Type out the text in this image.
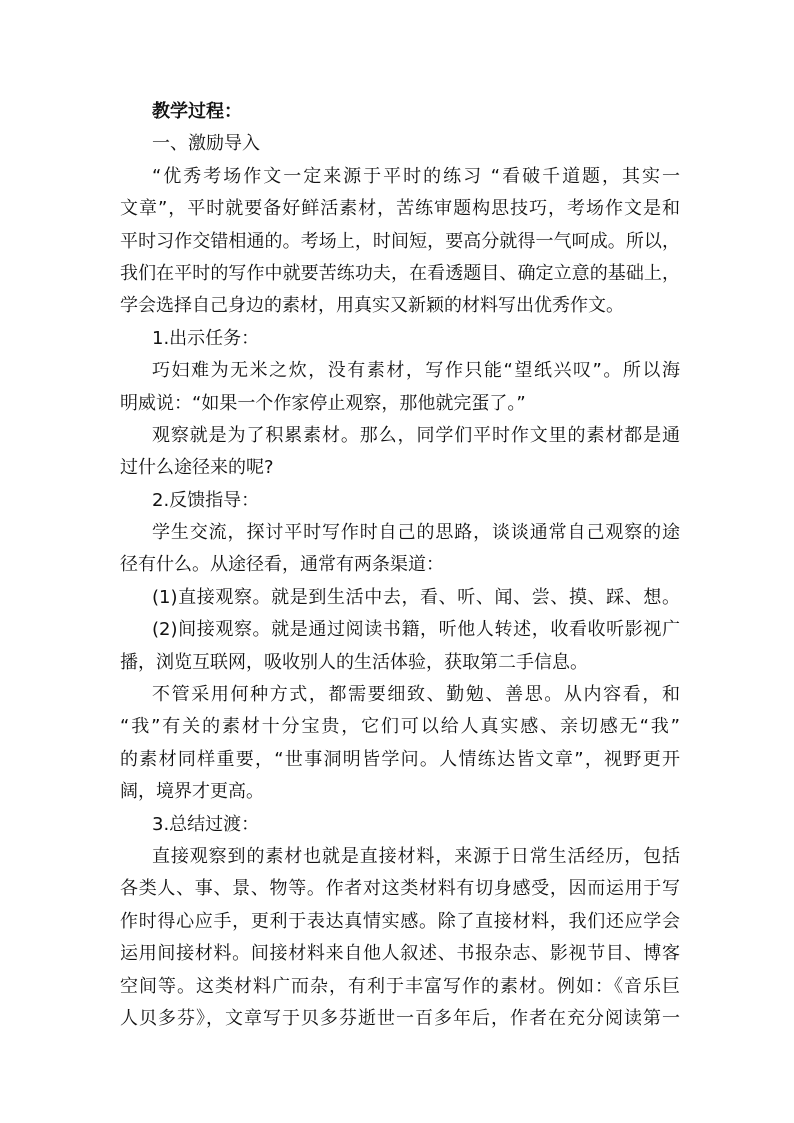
教学过程：

一、激励导入

“优秀考场作文一定来源于平时的练习 “看破千道题，其实一

文章”，平时就要备好鲜活素材，苦练审题构思技巧，考场作文是和

平时习作交错相通的。考场上，时间短，要高分就得一气呵成。所以，

我们在平时的写作中就要苦练功夫，在看透题目、确定立意的基础上，

学会选择自己身边的素材，用真实又新颖的材料写出优秀作文。

1.出示任务：

巧妇难为无米之炊，没有素材，写作只能“望纸兴叹”。所以海

明威说：“如果一个作家停止观察，那他就完蛋了。”

观察就是为了积累素材。那么，同学们平时作文里的素材都是通

过什么途径来的呢?

2.反馈指导：

学生交流，探讨平时写作时自己的思路，谈谈通常自己观察的途

径有什么。从途径看，通常有两条渠道：

(1)直接观察。就是到生活中去，看、听、闻、尝、摸、踩、想。

(2)间接观察。就是通过阅读书籍，听他人转述，收看收听影视广

播，浏览互联网，吸收别人的生活体验，获取第二手信息。

不管采用何种方式，都需要细致、勤勉、善思。从内容看，和

“我”有关的素材十分宝贵，它们可以给人真实感、亲切感无“我”

的素材同样重要，“世事洞明皆学问。人情练达皆文章”，视野更开

阔，境界才更高。

3.总结过渡：

直接观察到的素材也就是直接材料，来源于日常生活经历，包括

各类人、事、景、物等。作者对这类材料有切身感受，因而运用于写

作时得心应手，更利于表达真情实感。除了直接材料，我们还应学会

运用间接材料。间接材料来自他人叙述、书报杂志、影视节目、博客

空间等。这类材料广而杂，有利于丰富写作的素材。例如：《音乐巨

人贝多芬》，文章写于贝多芬逝世一百多年后，作者在充分阅读第一
